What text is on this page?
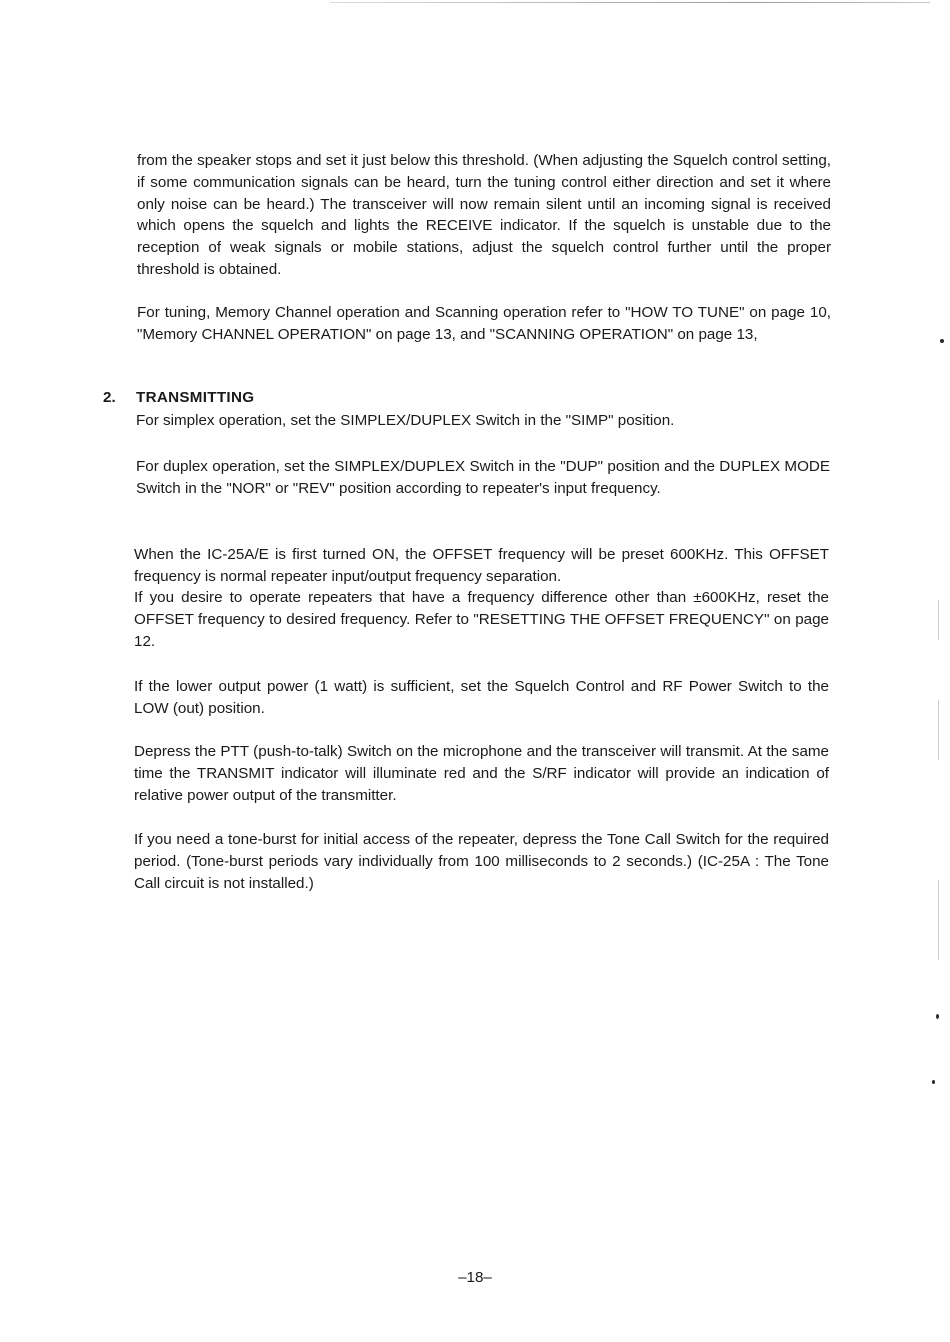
from the speaker stops and set it just below this threshold. (When adjusting the Squelch control setting, if some communication signals can be heard, turn the tuning control either direction and set it where only noise can be heard.) The transceiver will now remain silent until an incoming signal is received which opens the squelch and lights the RECEIVE indicator. If the squelch is unstable due to the reception of weak signals or mobile stations, adjust the squelch control further until the proper threshold is obtained.

For tuning, Memory Channel operation and Scanning operation refer to "HOW TO TUNE" on page 10, "Memory CHANNEL OPERATION" on page 13, and "SCANNING OPERATION" on page 13,

2. TRANSMITTING

For simplex operation, set the SIMPLEX/DUPLEX Switch in the "SIMP" position.

For duplex operation, set the SIMPLEX/DUPLEX Switch in the "DUP" position and the DUPLEX MODE Switch in the "NOR" or "REV" position according to repeater's input frequency.

When the IC-25A/E is first turned ON, the OFFSET frequency will be preset 600KHz. This OFFSET frequency is normal repeater input/output frequency separation.

If you desire to operate repeaters that have a frequency difference other than ±600KHz, reset the OFFSET frequency to desired frequency. Refer to "RESETTING THE OFFSET FREQUENCY" on page 12.

If the lower output power (1 watt) is sufficient, set the Squelch Control and RF Power Switch to the LOW (out) position.

Depress the PTT (push-to-talk) Switch on the microphone and the transceiver will transmit. At the same time the TRANSMIT indicator will illuminate red and the S/RF indicator will provide an indication of relative power output of the transmitter.

If you need a tone-burst for initial access of the repeater, depress the Tone Call Switch for the required period. (Tone-burst periods vary individually from 100 milliseconds to 2 seconds.) (IC-25A : The Tone Call circuit is not installed.)

–18–
